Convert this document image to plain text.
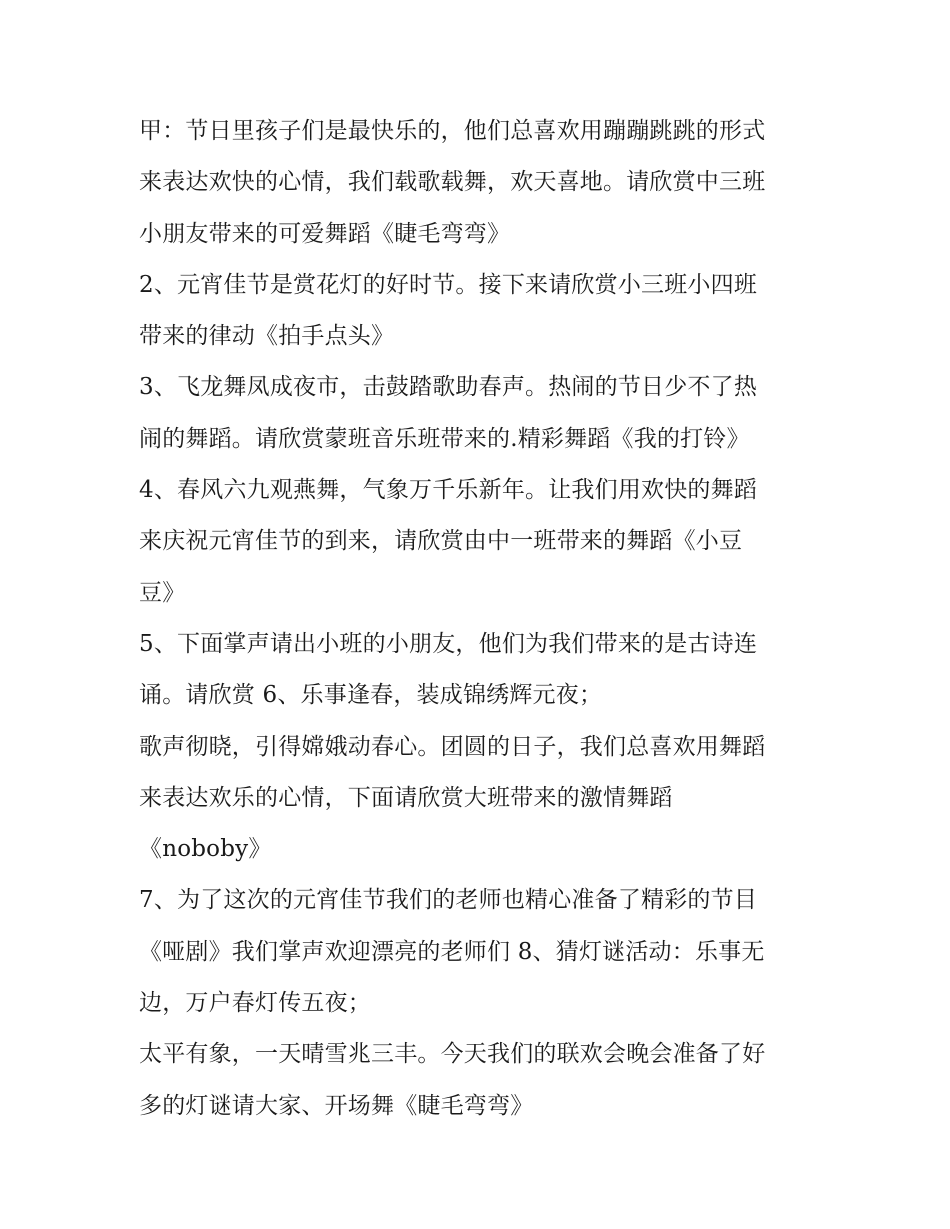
甲：节日里孩子们是最快乐的，他们总喜欢用蹦蹦跳跳的形式
来表达欢快的心情，我们载歌载舞，欢天喜地。请欣赏中三班
小朋友带来的可爱舞蹈《睫毛弯弯》
2、元宵佳节是赏花灯的好时节。接下来请欣赏小三班小四班
带来的律动《拍手点头》
3、飞龙舞凤成夜市，击鼓踏歌助春声。热闹的节日少不了热
闹的舞蹈。请欣赏蒙班音乐班带来的.精彩舞蹈《我的打铃》
4、春风六九观燕舞，气象万千乐新年。让我们用欢快的舞蹈
来庆祝元宵佳节的到来，请欣赏由中一班带来的舞蹈《小豆
豆》
5、下面掌声请出小班的小朋友，他们为我们带来的是古诗连
诵。请欣赏 6、乐事逢春，装成锦绣辉元夜；
歌声彻晓，引得嫦娥动春心。团圆的日子，我们总喜欢用舞蹈
来表达欢乐的心情，下面请欣赏大班带来的激情舞蹈
《noboby》
7、为了这次的元宵佳节我们的老师也精心准备了精彩的节目
《哑剧》我们掌声欢迎漂亮的老师们 8、猜灯谜活动：乐事无
边，万户春灯传五夜；
太平有象，一天晴雪兆三丰。今天我们的联欢会晚会准备了好
多的灯谜请大家、开场舞《睫毛弯弯》
